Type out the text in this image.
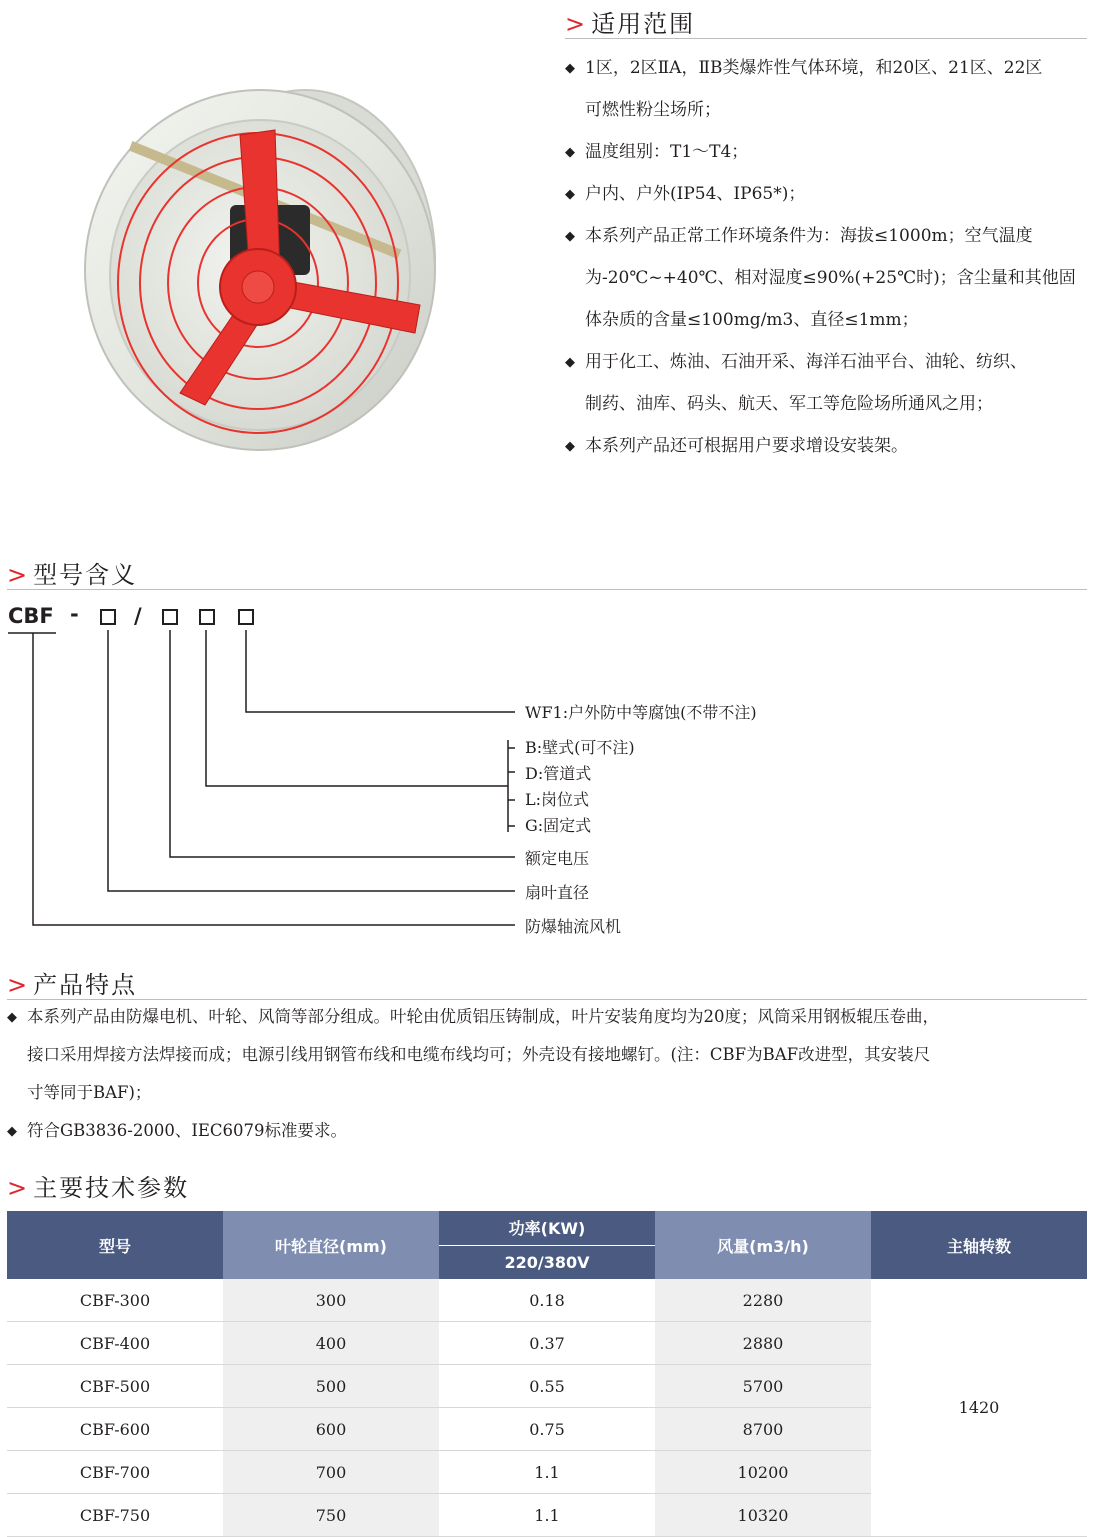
> 适用范围
◆ 1区，2区ⅡA，ⅡB类爆炸性气体环境，和20区、21区、22区
可燃性粉尘场所；
◆ 温度组别：T1～T4；
◆ 户内、户外(IP54、IP65*)；
◆ 本系列产品正常工作环境条件为：海拔≤1000m；空气温度
为-20℃~+40℃、相对湿度≤90%(+25℃时)；含尘量和其他固
体杂质的含量≤100mg/m3、直径≤1mm；
◆ 用于化工、炼油、石油开采、海洋石油平台、油轮、纺织、
制药、油库、码头、航天、军工等危险场所通风之用；
◆ 本系列产品还可根据用户要求增设安装架。
> 型号含义
CBF -	/
WF1:户外防中等腐蚀(不带不注)
B:壁式(可不注)
D:管道式
L:岗位式
G:固定式
额定电压
扇叶直径
防爆轴流风机
> 产品特点
◆ 本系列产品由防爆电机、叶轮、风筒等部分组成。叶轮由优质铝压铸制成，叶片安装角度均为20度；风筒采用钢板辊压卷曲，
接口采用焊接方法焊接而成；电源引线用钢管布线和电缆布线均可；外壳设有接地螺钉。(注：CBF为BAF改进型，其安装尺
寸等同于BAF)；
◆ 符合GB3836-2000、IEC6079标准要求。
> 主要技术参数
型号	叶轮直径(mm)	功率(KW)	风量(m3/h)	主轴转数
		220/380V		
CBF-300	300	0.18	2280	1420
CBF-400	400	0.37	2880	
CBF-500	500	0.55	5700	
CBF-600	600	0.75	8700	
CBF-700	700	1.1	10200	
CBF-750	750	1.1	10320	
